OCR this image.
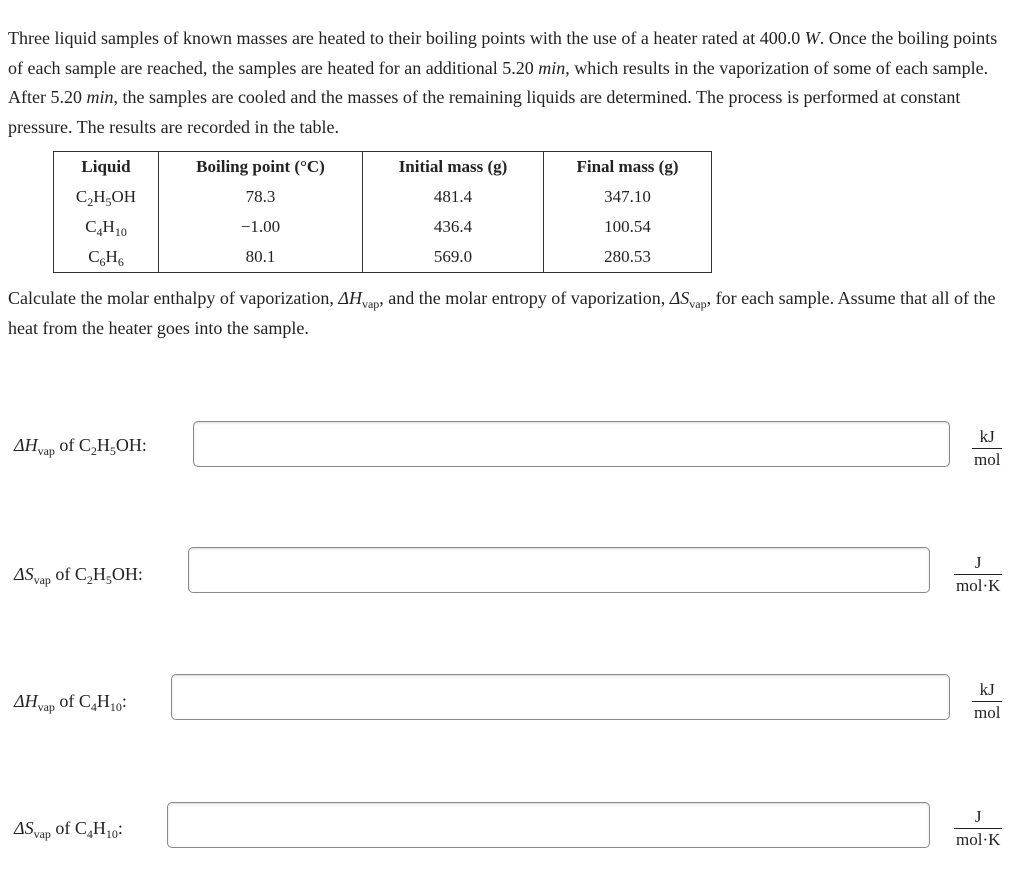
Three liquid samples of known masses are heated to their boiling points with the use of a heater rated at 400.0 W. Once the boiling points of each sample are reached, the samples are heated for an additional 5.20 min, which results in the vaporization of some of each sample. After 5.20 min, the samples are cooled and the masses of the remaining liquids are determined. The process is performed at constant pressure. The results are recorded in the table.

Liquid	Boiling point (°C)	Initial mass (g)	Final mass (g)
$C_2H_5OH$	78.3	481.4	347.10
$C_4H_{10}$	−1.00	436.4	100.54
$C_6H_6$	80.1	569.0	280.53

Calculate the molar enthalpy of vaporization, $\Delta H_{vap}$, and the molar entropy of vaporization, $\Delta S_{vap}$, for each sample. Assume that all of the heat from the heater goes into the sample.

$\Delta H_{vap}$ of $C_2H_5OH$:	kJ
mol
$\Delta S_{vap}$ of $C_2H_5OH$:
J
mol·K
$\Delta H_{vap}$ of $C_4H_{10}$:
kJ
mol
$\Delta S_{vap}$ of $C_4H_{10}$:
J
mol·K
